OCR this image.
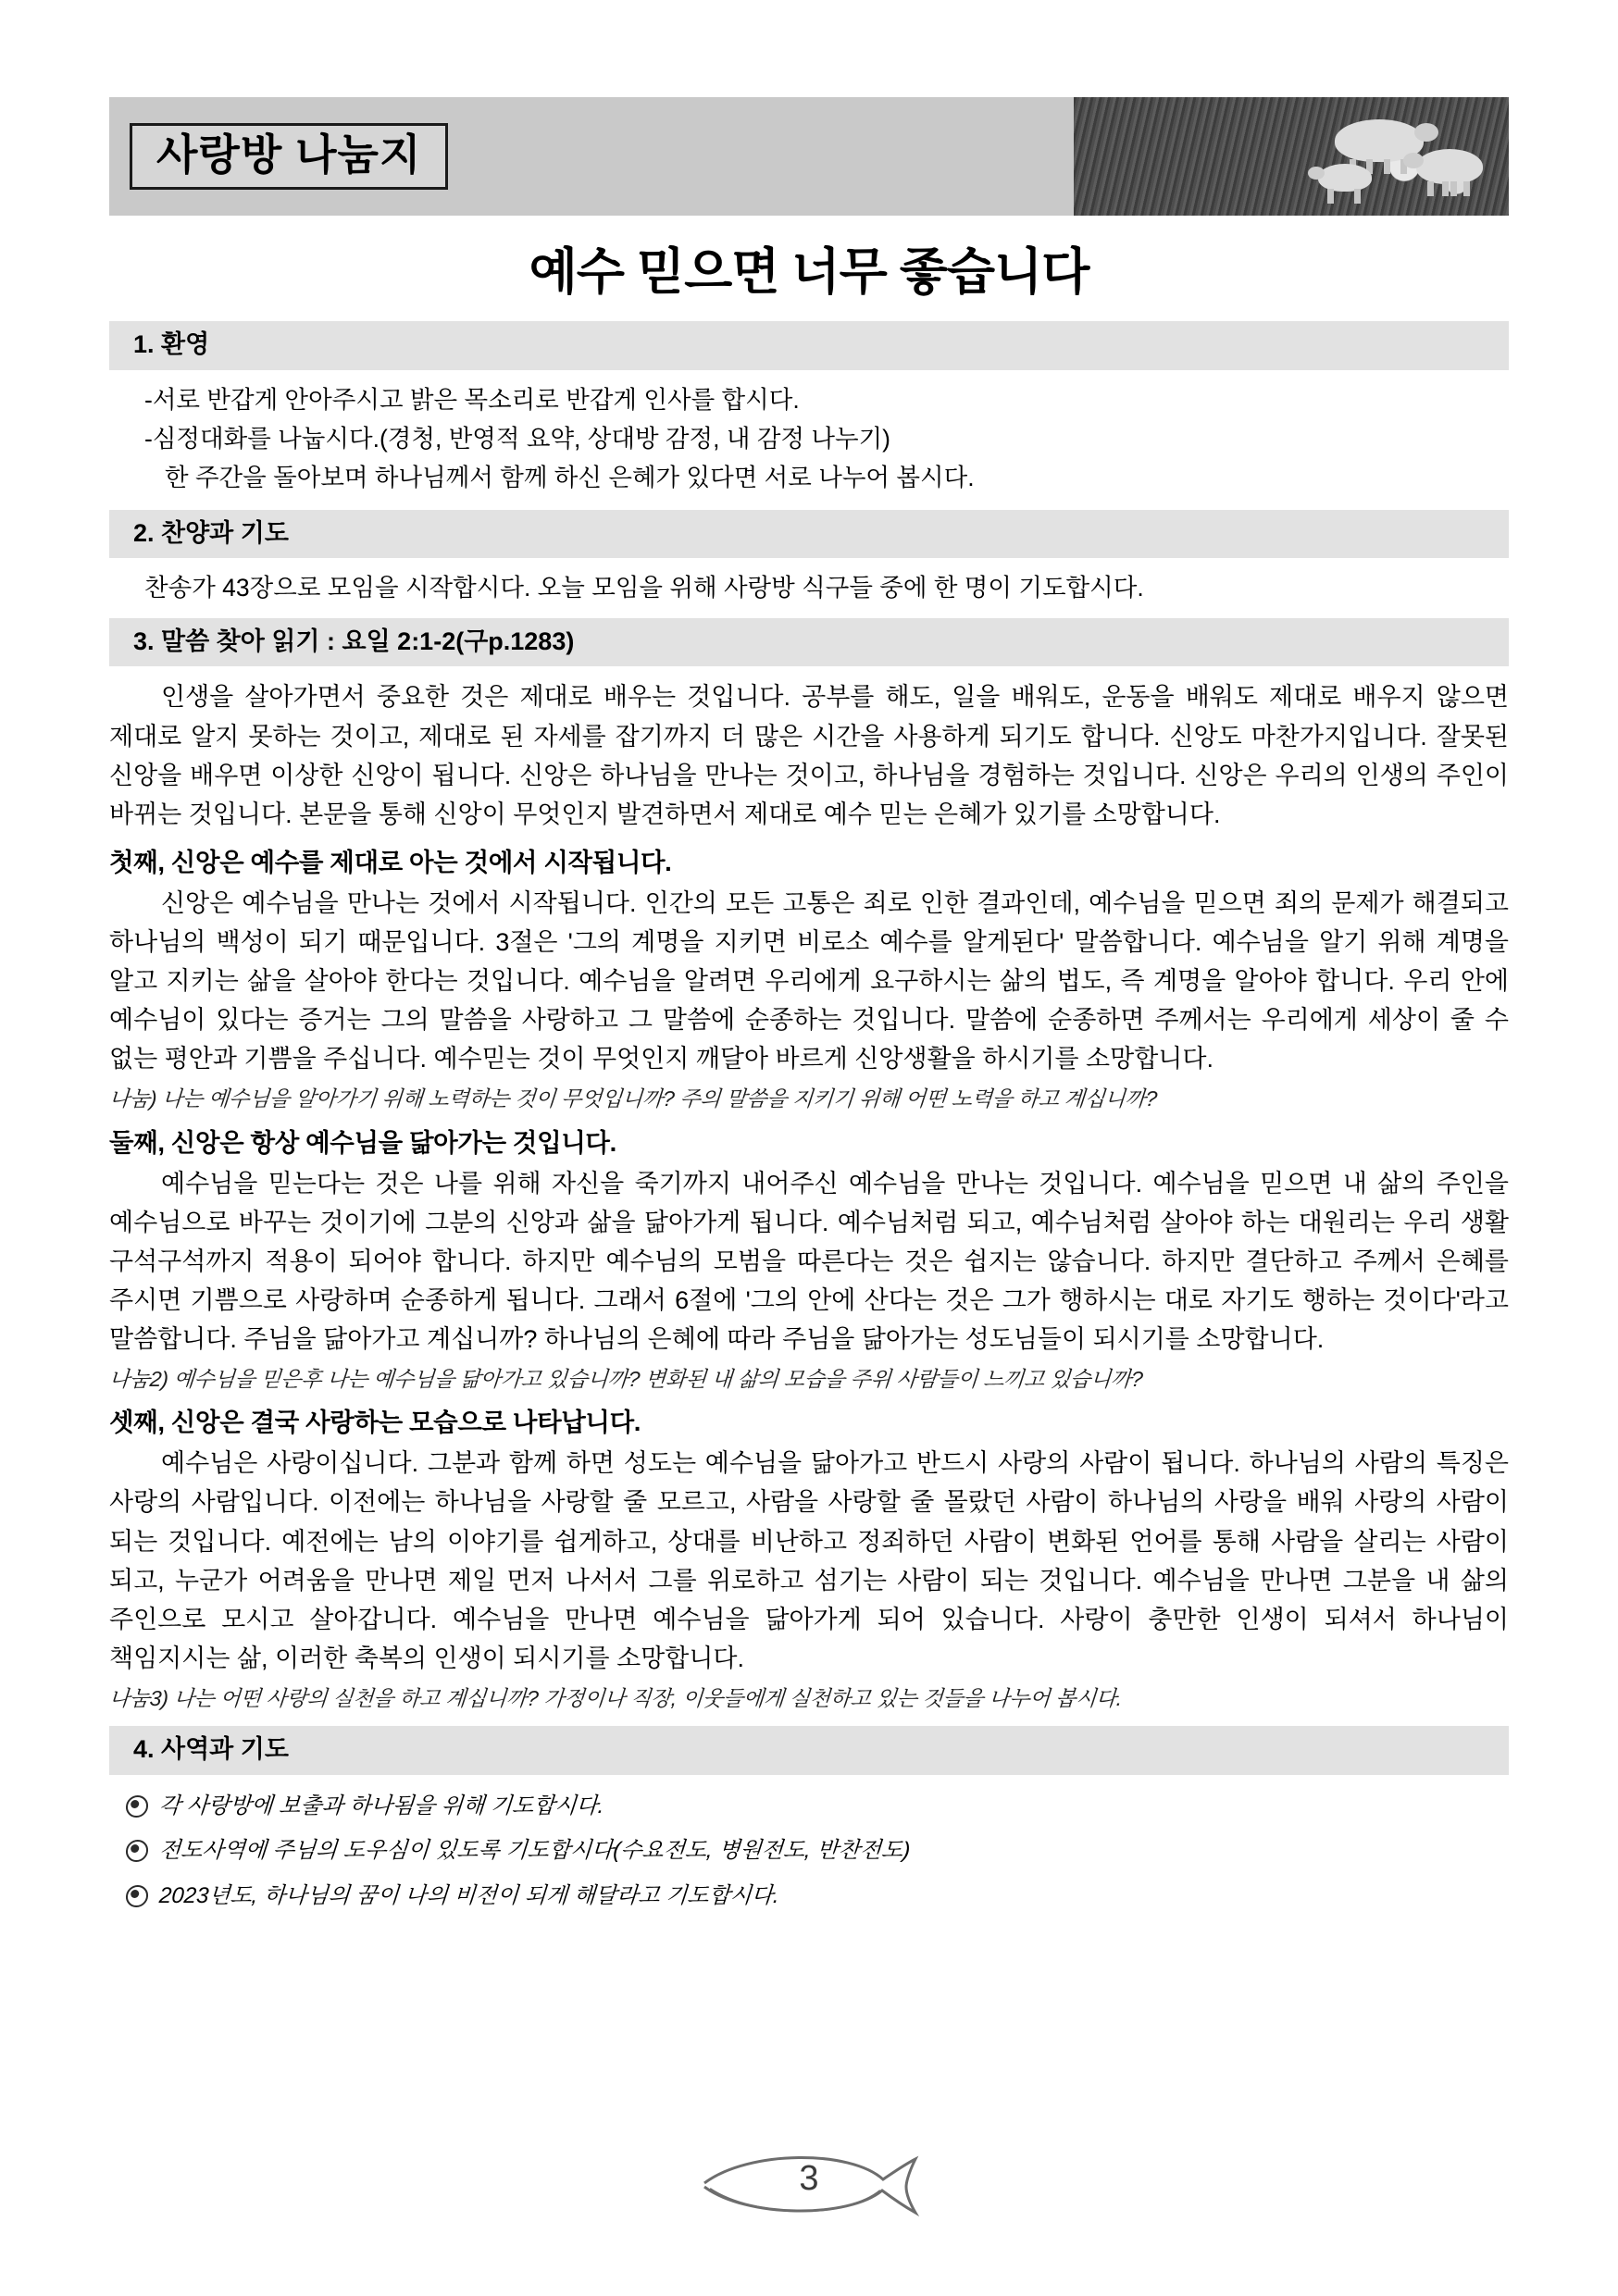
사랑방 나눔지
예수 믿으면 너무 좋습니다
1. 환영

-서로 반갑게 안아주시고 밝은 목소리로 반갑게 인사를 합시다.

-심정대화를 나눕시다.(경청, 반영적 요약, 상대방 감정, 내 감정 나누기)

한 주간을 돌아보며 하나님께서 함께 하신 은혜가 있다면 서로 나누어 봅시다.

2. 찬양과 기도

찬송가 43장으로 모임을 시작합시다. 오늘 모임을 위해 사랑방 식구들 중에 한 명이 기도합시다.

3. 말씀 찾아 읽기 : 요일 2:1-2(구p.1283)

인생을 살아가면서 중요한 것은 제대로 배우는 것입니다. 공부를 해도, 일을 배워도, 운동을 배워도 제대로 배우지 않으면 제대로 알지 못하는 것이고, 제대로 된 자세를 잡기까지 더 많은 시간을 사용하게 되기도 합니다. 신앙도 마찬가지입니다. 잘못된 신앙을 배우면 이상한 신앙이 됩니다. 신앙은 하나님을 만나는 것이고, 하나님을 경험하는 것입니다. 신앙은 우리의 인생의 주인이 바뀌는 것입니다. 본문을 통해 신앙이 무엇인지 발견하면서 제대로 예수 믿는 은혜가 있기를 소망합니다.

첫째, 신앙은 예수를 제대로 아는 것에서 시작됩니다.

신앙은 예수님을 만나는 것에서 시작됩니다. 인간의 모든 고통은 죄로 인한 결과인데, 예수님을 믿으면 죄의 문제가 해결되고 하나님의 백성이 되기 때문입니다. 3절은 '그의 계명을 지키면 비로소 예수를 알게된다' 말씀합니다. 예수님을 알기 위해 계명을 알고 지키는 삶을 살아야 한다는 것입니다. 예수님을 알려면 우리에게 요구하시는 삶의 법도, 즉 계명을 알아야 합니다. 우리 안에 예수님이 있다는 증거는 그의 말씀을 사랑하고 그 말씀에 순종하는 것입니다. 말씀에 순종하면 주께서는 우리에게 세상이 줄 수 없는 평안과 기쁨을 주십니다. 예수믿는 것이 무엇인지 깨달아 바르게 신앙생활을 하시기를 소망합니다.

나눔) 나는 예수님을 알아가기 위해 노력하는 것이 무엇입니까? 주의 말씀을 지키기 위해 어떤 노력을 하고 계십니까?

둘째, 신앙은 항상 예수님을 닮아가는 것입니다.

예수님을 믿는다는 것은 나를 위해 자신을 죽기까지 내어주신 예수님을 만나는 것입니다. 예수님을 믿으면 내 삶의 주인을 예수님으로 바꾸는 것이기에 그분의 신앙과 삶을 닮아가게 됩니다. 예수님처럼 되고, 예수님처럼 살아야 하는 대원리는 우리 생활 구석구석까지 적용이 되어야 합니다. 하지만 예수님의 모범을 따른다는 것은 쉽지는 않습니다. 하지만 결단하고 주께서 은혜를 주시면 기쁨으로 사랑하며 순종하게 됩니다. 그래서 6절에 '그의 안에 산다는 것은 그가 행하시는 대로 자기도 행하는 것이다'라고 말씀합니다. 주님을 닮아가고 계십니까? 하나님의 은혜에 따라 주님을 닮아가는 성도님들이 되시기를 소망합니다.

나눔2) 예수님을 믿은후 나는 예수님을 닮아가고 있습니까? 변화된 내 삶의 모습을 주위 사람들이 느끼고 있습니까?

셋째, 신앙은 결국 사랑하는 모습으로 나타납니다.

예수님은 사랑이십니다. 그분과 함께 하면 성도는 예수님을 닮아가고 반드시 사랑의 사람이 됩니다. 하나님의 사람의 특징은 사랑의 사람입니다. 이전에는 하나님을 사랑할 줄 모르고, 사람을 사랑할 줄 몰랐던 사람이 하나님의 사랑을 배워 사랑의 사람이 되는 것입니다. 예전에는 남의 이야기를 쉽게하고, 상대를 비난하고 정죄하던 사람이 변화된 언어를 통해 사람을 살리는 사람이 되고, 누군가 어려움을 만나면 제일 먼저 나서서 그를 위로하고 섬기는 사람이 되는 것입니다. 예수님을 만나면 그분을 내 삶의 주인으로 모시고 살아갑니다. 예수님을 만나면 예수님을 닮아가게 되어 있습니다. 사랑이 충만한 인생이 되셔서 하나님이 책임지시는 삶, 이러한 축복의 인생이 되시기를 소망합니다.

나눔3) 나는 어떤 사랑의 실천을 하고 계십니까? 가정이나 직장, 이웃들에게 실천하고 있는 것들을 나누어 봅시다.

4. 사역과 기도
각 사랑방에 보출과 하나됨을 위해 기도합시다.
전도사역에 주님의 도우심이 있도록 기도합시다(수요전도, 병원전도, 반찬전도)
2023년도, 하나님의 꿈이 나의 비전이 되게 해달라고 기도합시다.
3
